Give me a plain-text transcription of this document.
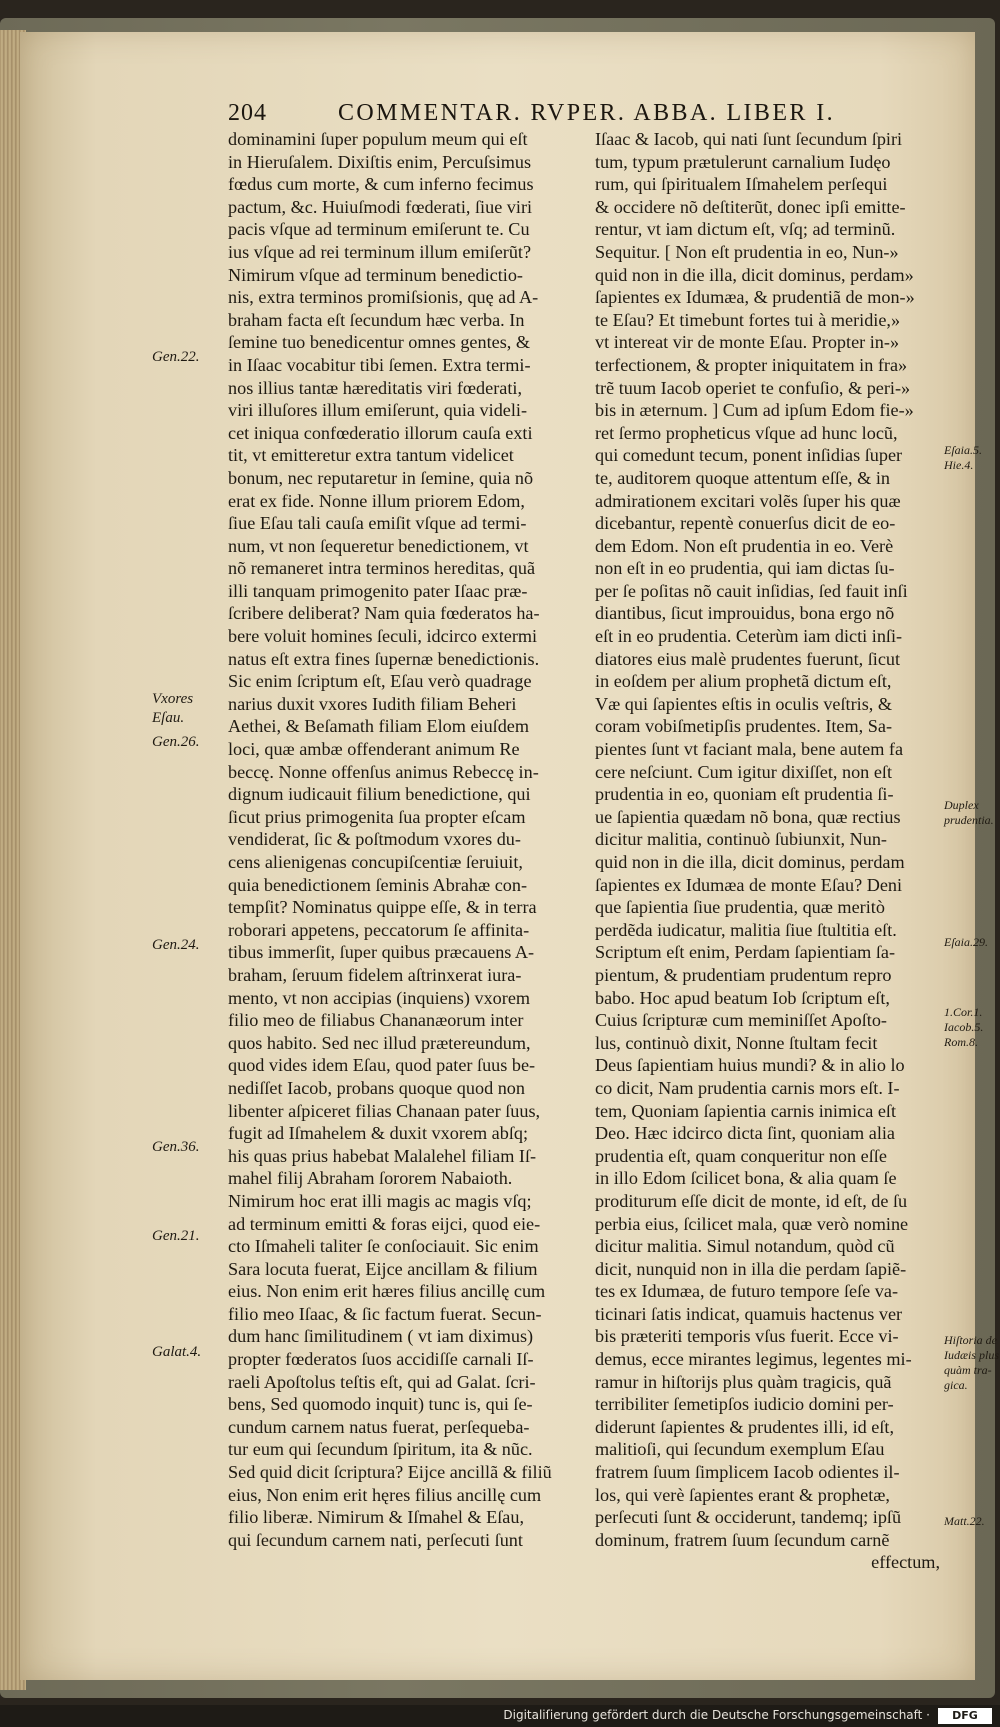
204	COMMENTAR. RVPER. ABBA. LIBER I.
dominamini ſuper populum meum qui eſt
in Hieruſalem. Dixiſtis enim, Percuſsimus
fœdus cum morte, & cum inferno fecimus
pactum, &c. Huiuſmodi fœderati, ſiue viri
pacis vſque ad terminum emiſerunt te. Cu
ius vſque ad rei terminum illum emiſerũt?
Nimirum vſque ad terminum benedictio-
nis, extra terminos promiſsionis, quę ad A-
braham facta eſt ſecundum hæc verba. In
ſemine tuo benedicentur omnes gentes, &
in Iſaac vocabitur tibi ſemen. Extra termi-
nos illius tantæ hæreditatis viri fœderati,
viri illuſores illum emiſerunt, quia videli-
cet iniqua confœderatio illorum cauſa exti
tit, vt emitteretur extra tantum videlicet
bonum, nec reputaretur in ſemine, quia nõ
erat ex fide. Nonne illum priorem Edom,
ſiue Eſau tali cauſa emiſit vſque ad termi-
num, vt non ſequeretur benedictionem, vt
nõ remaneret intra terminos hereditas, quã
illi tanquam primogenito pater Iſaac præ-
ſcribere deliberat? Nam quia fœderatos ha-
bere voluit homines ſeculi, idcirco extermi
natus eſt extra fines ſupernæ benedictionis.
Sic enim ſcriptum eſt, Eſau verò quadrage
narius duxit vxores Iudith filiam Beheri
Aethei, & Beſamath filiam Elom eiuſdem
loci, quæ ambæ offenderant animum Re
beccę. Nonne offenſus animus Rebeccę in-
dignum iudicauit filium benedictione, qui
ſicut prius primogenita ſua propter eſcam
vendiderat, ſic & poſtmodum vxores du-
cens alienigenas concupiſcentiæ ſeruiuit,
quia benedictionem ſeminis Abrahæ con-
tempſit? Nominatus quippe eſſe, & in terra
roborari appetens, peccatorum ſe affinita-
tibus immerſit, ſuper quibus præcauens A-
braham, ſeruum fidelem aſtrinxerat iura-
mento, vt non accipias (inquiens) vxorem
filio meo de filiabus Chananæorum inter
quos habito. Sed nec illud prætereundum,
quod vides idem Eſau, quod pater ſuus be-
nediſſet Iacob, probans quoque quod non
libenter aſpiceret filias Chanaan pater ſuus,
fugit ad Iſmahelem & duxit vxorem abſq;
his quas prius habebat Malalehel filiam Iſ-
mahel filij Abraham ſororem Nabaioth.
Nimirum hoc erat illi magis ac magis vſq;
ad terminum emitti & foras eijci, quod eie-
cto Iſmaheli taliter ſe conſociauit. Sic enim
Sara locuta fuerat, Eijce ancillam & filium
eius. Non enim erit hæres filius ancillę cum
filio meo Iſaac, & ſic factum fuerat. Secun-
dum hanc ſimilitudinem ( vt iam diximus)
propter fœderatos ſuos accidiſſe carnali Iſ-
raeli Apoſtolus teſtis eſt, qui ad Galat. ſcri-
bens, Sed quomodo inquit) tunc is, qui ſe-
cundum carnem natus fuerat, perſequeba-
tur eum qui ſecundum ſpiritum, ita & nũc.
Sed quid dicit ſcriptura? Eijce ancillã & filiũ
eius, Non enim erit hęres filius ancillę cum
filio liberæ. Nimirum & Iſmahel & Eſau,
qui ſecundum carnem nati, perſecuti ſunt
Iſaac & Iacob, qui nati ſunt ſecundum ſpiri
tum, typum prætulerunt carnalium Iudęo
rum, qui ſpiritualem Iſmahelem perſequi
& occidere nõ deſtiterũt, donec ipſi emitte-
rentur, vt iam dictum eſt, vſq; ad terminũ.
Sequitur. [ Non eſt prudentia in eo, Nun-»
quid non in die illa, dicit dominus, perdam»
ſapientes ex Idumæa, & prudentiã de mon-»
te Eſau? Et timebunt fortes tui à meridie,»
vt intereat vir de monte Eſau. Propter in-»
terfectionem, & propter iniquitatem in fra»
trẽ tuum Iacob operiet te confuſio, & peri-»
bis in æternum. ] Cum ad ipſum Edom fie-»
ret ſermo propheticus vſque ad hunc locũ,
qui comedunt tecum, ponent inſidias ſuper
te, auditorem quoque attentum eſſe, & in
admirationem excitari volẽs ſuper his quæ
dicebantur, repentè conuerſus dicit de eo-
dem Edom. Non eſt prudentia in eo. Verè
non eſt in eo prudentia, qui iam dictas ſu-
per ſe poſitas nõ cauit inſidias, ſed fauit inſi
diantibus, ſicut improuidus, bona ergo nõ
eſt in eo prudentia. Ceterùm iam dicti inſi-
diatores eius malè prudentes fuerunt, ſicut
in eoſdem per alium prophetã dictum eſt,
Væ qui ſapientes eſtis in oculis veſtris, &
coram vobiſmetipſis prudentes. Item, Sa-
pientes ſunt vt faciant mala, bene autem fa
cere neſciunt. Cum igitur dixiſſet, non eſt
prudentia in eo, quoniam eſt prudentia ſi-
ue ſapientia quædam nõ bona, quæ rectius
dicitur malitia, continuò ſubiunxit, Nun-
quid non in die illa, dicit dominus, perdam
ſapientes ex Idumæa de monte Eſau? Deni
que ſapientia ſiue prudentia, quæ meritò
perdẽda iudicatur, malitia ſiue ſtultitia eſt.
Scriptum eſt enim, Perdam ſapientiam ſa-
pientum, & prudentiam prudentum repro
babo. Hoc apud beatum Iob ſcriptum eſt,
Cuius ſcripturæ cum meminiſſet Apoſto-
lus, continuò dixit, Nonne ſtultam fecit
Deus ſapientiam huius mundi? & in alio lo
co dicit, Nam prudentia carnis mors eſt. I-
tem, Quoniam ſapientia carnis inimica eſt
Deo. Hæc idcirco dicta ſint, quoniam alia
prudentia eſt, quam conqueritur non eſſe
in illo Edom ſcilicet bona, & alia quam ſe
proditurum eſſe dicit de monte, id eſt, de ſu
perbia eius, ſcilicet mala, quæ verò nomine
dicitur malitia. Simul notandum, quòd cũ
dicit, nunquid non in illa die perdam ſapiẽ-
tes ex Idumæa, de futuro tempore ſeſe va-
ticinari ſatis indicat, quamuis hactenus ver
bis præteriti temporis vſus fuerit. Ecce vi-
demus, ecce mirantes legimus, legentes mi-
ramur in hiſtorijs plus quàm tragicis, quã
terribiliter ſemetipſos iudicio domini per-
diderunt ſapientes & prudentes illi, id eſt,
malitioſi, qui ſecundum exemplum Eſau
fratrem ſuum ſimplicem Iacob odientes il-
los, qui verè ſapientes erant & prophetæ,
perſecuti ſunt & occiderunt, tandemq; ipſũ
dominum, fratrem ſuum ſecundum carnẽ
effectum,
Gen.22.
Vxores
Eſau.
Gen.26.
Gen.24.
Gen.36.
Gen.21.
Galat.4.
Eſaia.5.
Hie.4.
Duplex
prudentia.
Eſaia.29.
1.Cor.1.
Iacob.5.
Rom.8.
Hiſtoria de
Iudæis plus
quàm tra-
gica.
Matt.22.
Digitaliſierung gefördert durch die Deutsche Forschungsgemeinschaft ·	DFG
